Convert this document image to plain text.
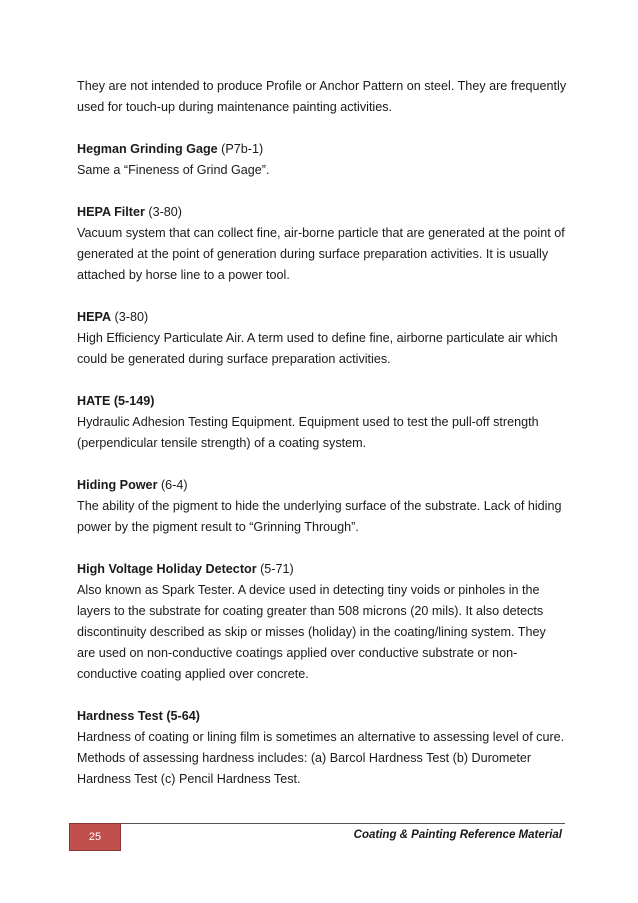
They are not intended to produce Profile or Anchor Pattern on steel. They are frequently used for touch-up during maintenance painting activities.

Hegman Grinding Gage (P7b-1)

Same a “Fineness of Grind Gage”.

HEPA Filter (3-80)

Vacuum system that can collect fine, air-borne particle that are generated at the point of generated at the point of generation during surface preparation activities. It is usually attached by horse line to a power tool.

HEPA (3-80)

High Efficiency Particulate Air. A term used to define fine, airborne particulate air which could be generated during surface preparation activities.

HATE (5-149)

Hydraulic Adhesion Testing Equipment. Equipment used to test the pull-off strength (perpendicular tensile strength) of a coating system.

Hiding Power (6-4)

The ability of the pigment to hide the underlying surface of the substrate. Lack of hiding power by the pigment result to “Grinning Through”.

High Voltage Holiday Detector (5-71)

Also known as Spark Tester. A device used in detecting tiny voids or pinholes in the layers to the substrate for coating greater than 508 microns (20 mils). It also detects discontinuity described as skip or misses (holiday) in the coating/lining system. They are used on non-conductive coatings applied over conductive substrate or non-conductive coating applied over concrete.

Hardness Test (5-64)

Hardness of coating or lining film is sometimes an alternative to assessing level of cure. Methods of assessing hardness includes: (a) Barcol Hardness Test (b) Durometer Hardness Test (c) Pencil Hardness Test.

25	Coating & Painting Reference Material
